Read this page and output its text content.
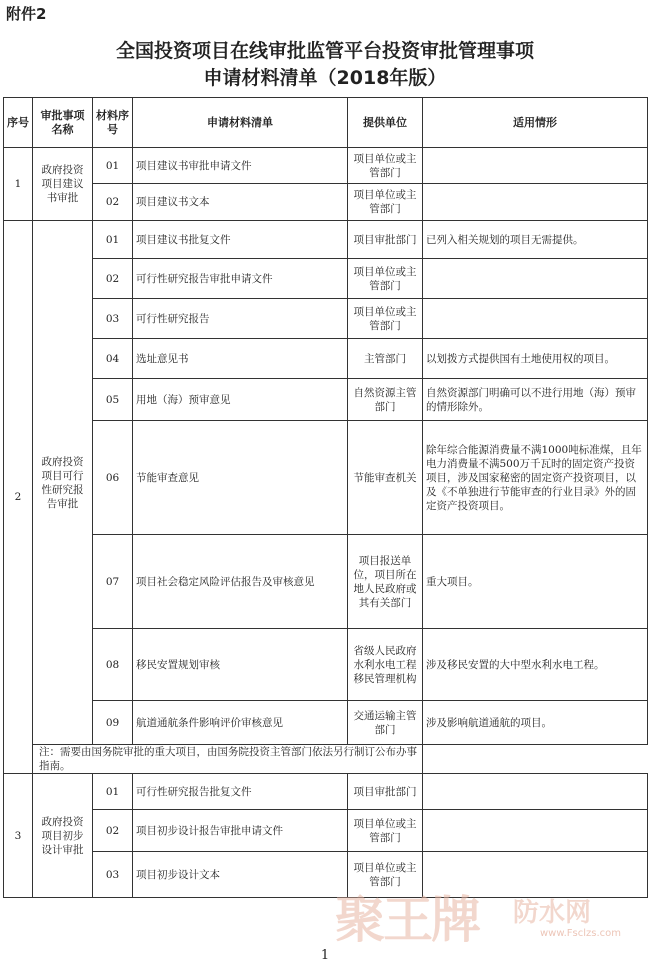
附件2
全国投资项目在线审批监管平台投资审批管理事项
申请材料清单（2018年版）
序号	审批事项名称	材料序号	申请材料清单	提供单位	适用情形
1	政府投资项目建议书审批	01	项目建议书审批申请文件	项目单位或主管部门	
		02	项目建议书文本	项目单位或主管部门	
2	政府投资项目可行性研究报告审批	01	项目建议书批复文件	项目审批部门	已列入相关规划的项目无需提供。
		02	可行性研究报告审批申请文件	项目单位或主管部门	
		03	可行性研究报告	项目单位或主管部门	
		04	选址意见书	主管部门	以划拨方式提供国有土地使用权的项目。
		05	用地（海）预审意见	自然资源主管部门	自然资源部门明确可以不进行用地（海）预审的情形除外。
		06	节能审查意见	节能审查机关	除年综合能源消费量不满1000吨标准煤，且年电力消费量不满500万千瓦时的固定资产投资项目，涉及国家秘密的固定资产投资项目，以及《不单独进行节能审查的行业目录》外的固定资产投资项目。
		07	项目社会稳定风险评估报告及审核意见	项目报送单位，项目所在地人民政府或其有关部门	重大项目。
		08	移民安置规划审核	省级人民政府水利水电工程移民管理机构	涉及移民安置的大中型水利水电工程。
		09	航道通航条件影响评价审核意见	交通运输主管部门	涉及影响航道通航的项目。
	注：需要由国务院审批的重大项目，由国务院投资主管部门依法另行制订公布办事指南。				
3	政府投资项目初步设计审批	01	可行性研究报告批复文件	项目审批部门	
		02	项目初步设计报告审批申请文件	项目单位或主管部门	
		03	项目初步设计文本	项目单位或主管部门	
聚王牌 防水网
www.Fsclzs.com
1
